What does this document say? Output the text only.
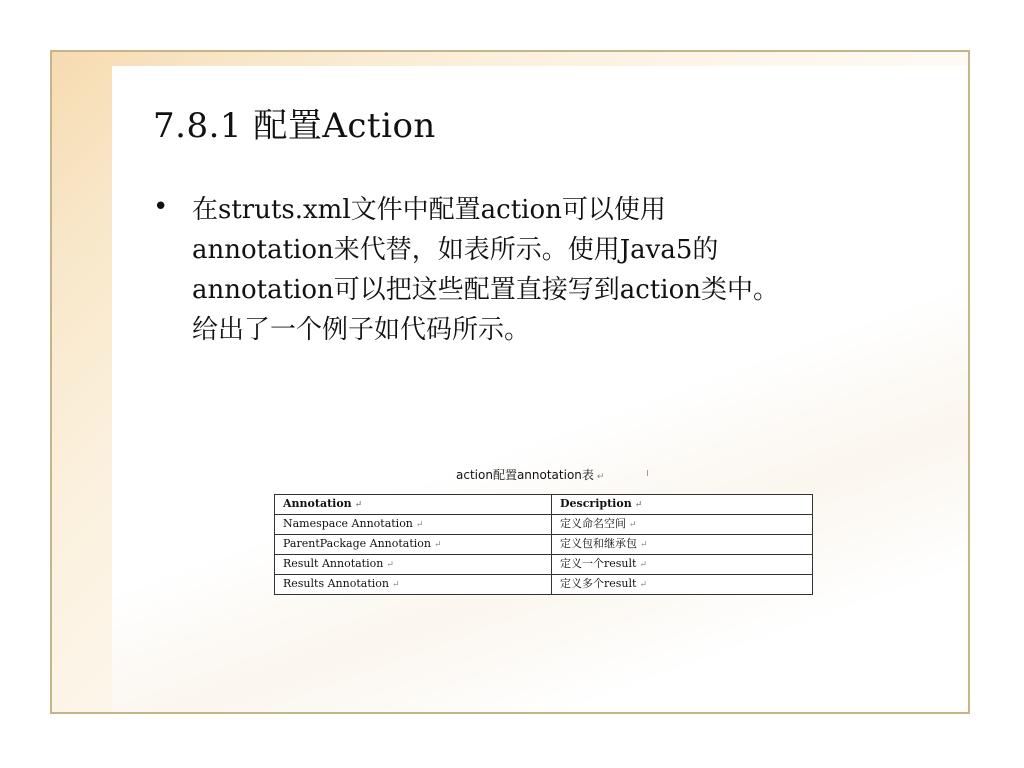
7.8.1 配置Action
• 在struts.xml文件中配置action可以使用
annotation来代替，如表所示。使用Java5的
annotation可以把这些配置直接写到action类中。
给出了一个例子如代码所示。

action配置annotation表 ↵	ı
Annotation ↵	Description ↵
Namespace Annotation ↵	定义命名空间 ↵
ParentPackage Annotation ↵	定义包和继承包 ↵
Result Annotation ↵	定义一个result ↵
Results Annotation ↵	定义多个result ↵
